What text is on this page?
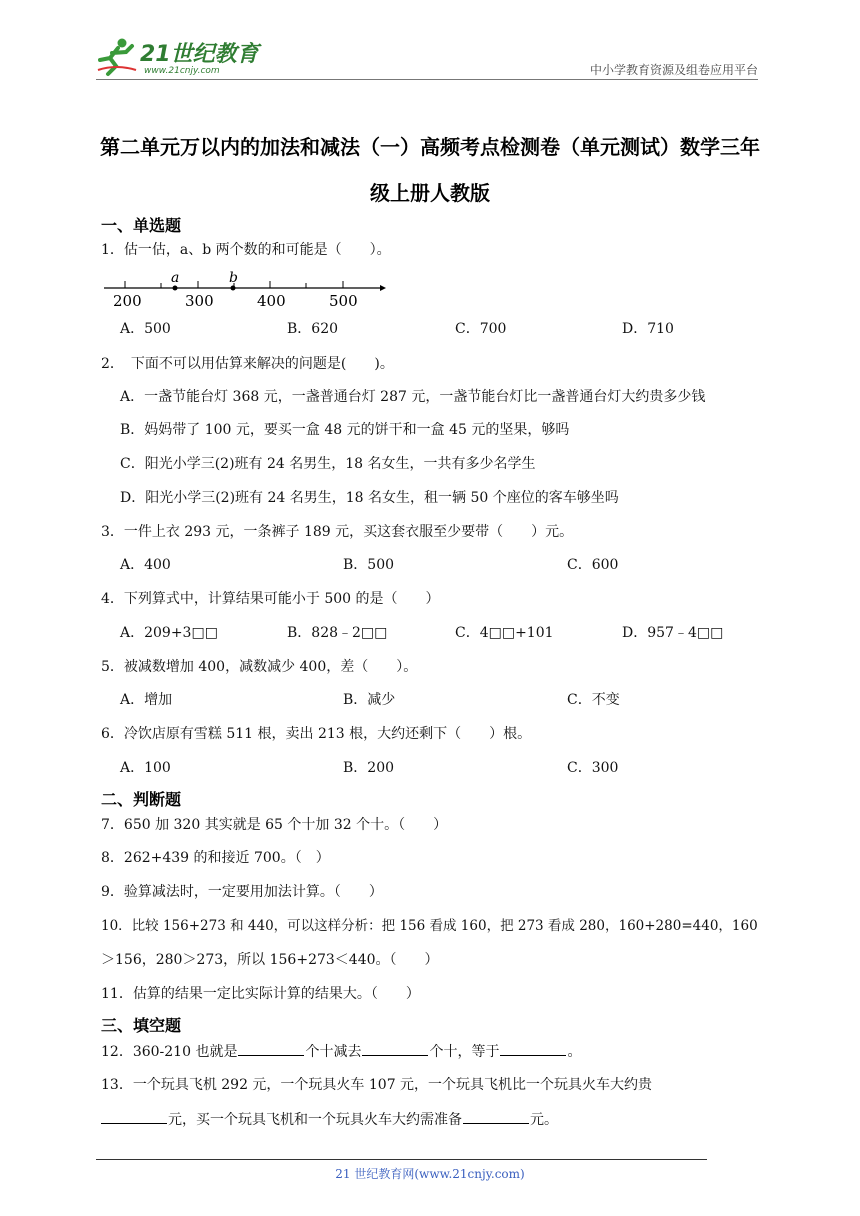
21世纪教育
www.21cnjy.com	中小学教育资源及组卷应用平台
第二单元万以内的加法和减法（一）高频考点检测卷（单元测试）数学三年
级上册人教版
一、单选题
1．估一估，a、b 两个数的和可能是（　　）。
a	b
200	300	400	500
A．500	B．620	C．700	D．710
2．　下面不可以用估算来解决的问题是(　　)。
A．一盏节能台灯 368 元，一盏普通台灯 287 元，一盏节能台灯比一盏普通台灯大约贵多少钱
B．妈妈带了 100 元，要买一盒 48 元的饼干和一盒 45 元的坚果，够吗
C．阳光小学三(2)班有 24 名男生，18 名女生，一共有多少名学生
D．阳光小学三(2)班有 24 名男生，18 名女生，租一辆 50 个座位的客车够坐吗
3．一件上衣 293 元，一条裤子 189 元，买这套衣服至少要带（　　）元。
A．400	B．500	C．600
4．下列算式中，计算结果可能小于 500 的是（　　）
A．209+3□□	B．828﹣2□□	C．4□□+101	D．957﹣4□□
5．被减数增加 400，减数减少 400，差（　　）。
A．增加	B．减少	C．不变
6．冷饮店原有雪糕 511 根，卖出 213 根，大约还剩下（　　）根。
A．100	B．200	C．300
二、判断题
7．650 加 320 其实就是 65 个十加 32 个十。（　　）
8．262+439 的和接近 700。（　）
9．验算减法时，一定要用加法计算。（　　）
10．比较 156+273 和 440，可以这样分析：把 156 看成 160，把 273 看成 280，160+280=440，160
＞156，280＞273，所以 156+273＜440。（　　）
11．估算的结果一定比实际计算的结果大。（　　）
三、填空题
12．360-210 也就是	个十减去	个十，等于	。
13．一个玩具飞机 292 元，一个玩具火车 107 元，一个玩具飞机比一个玩具火车大约贵
元，买一个玩具飞机和一个玩具火车大约需准备	元。
21 世纪教育网(www.21cnjy.com)
